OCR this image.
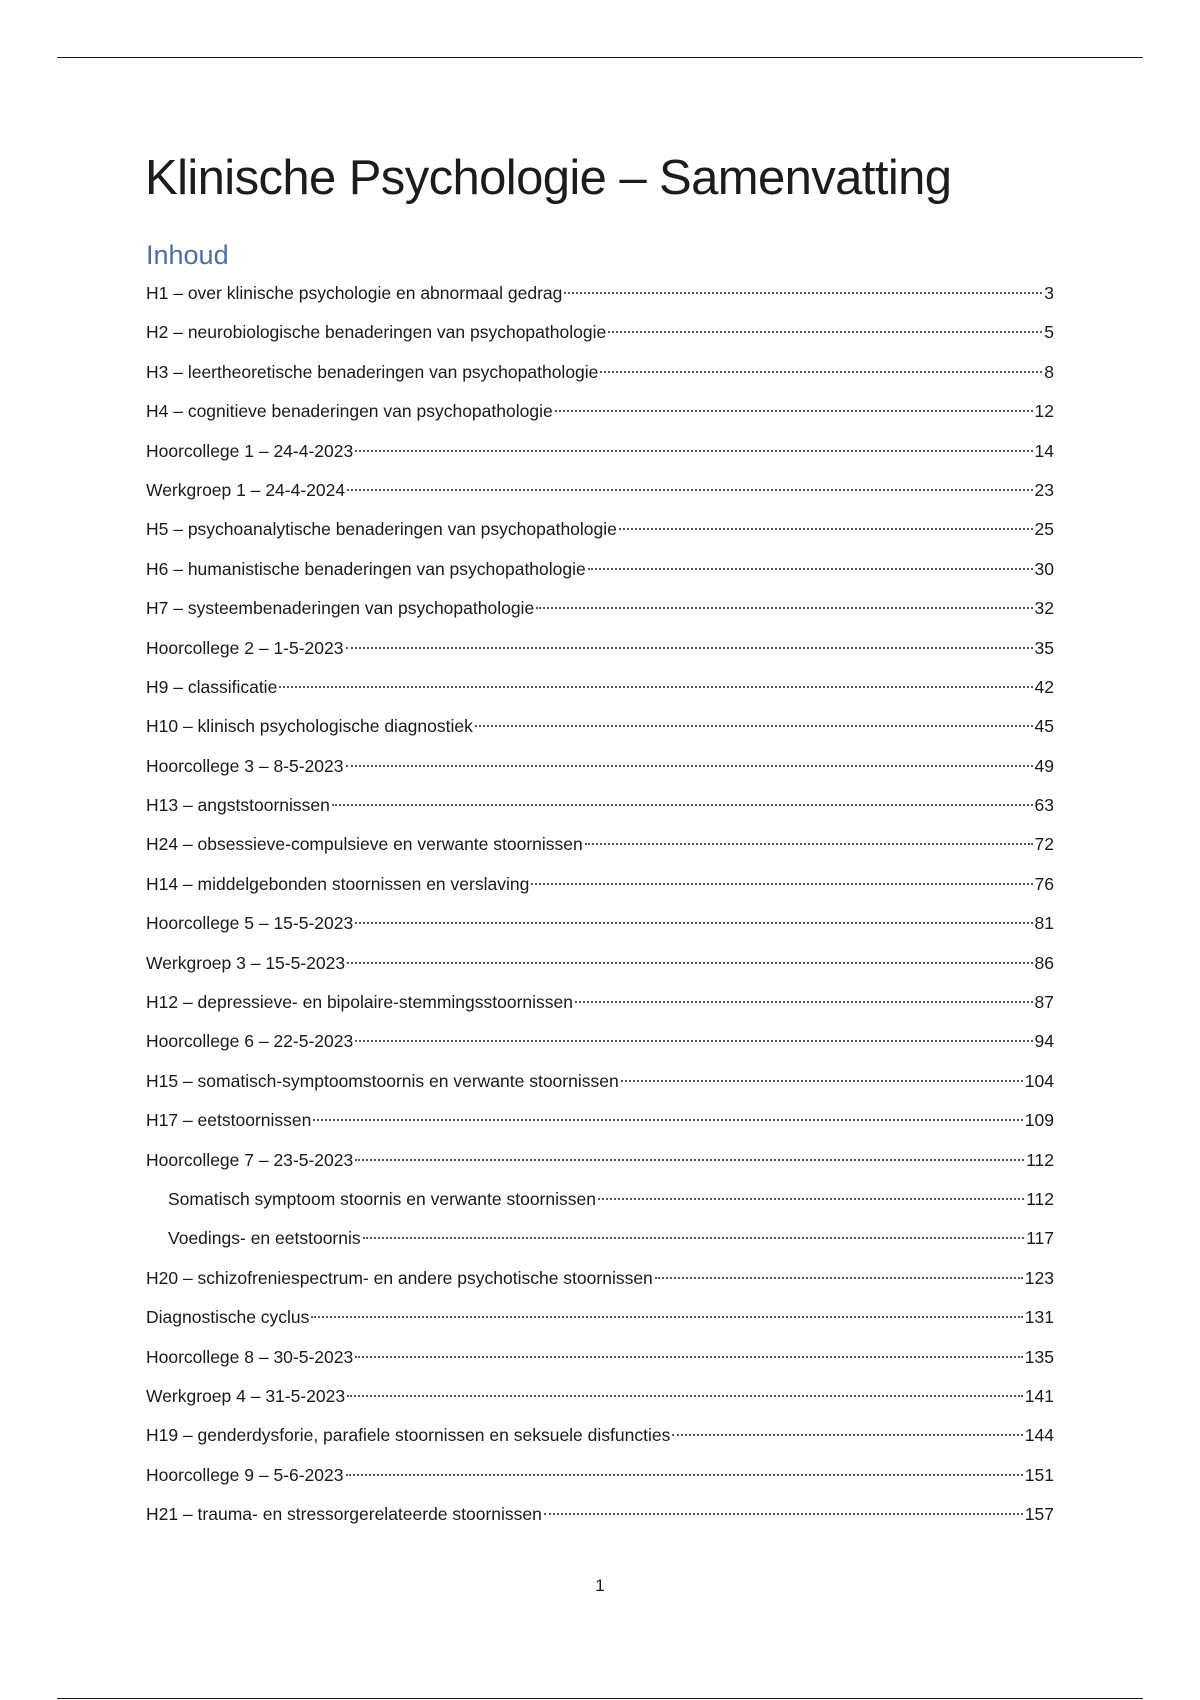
Klinische Psychologie – Samenvatting
Inhoud
H1 – over klinische psychologie en abnormaal gedrag	3
H2 – neurobiologische benaderingen van psychopathologie	5
H3 – leertheoretische benaderingen van psychopathologie	8
H4 – cognitieve benaderingen van psychopathologie	12
Hoorcollege 1 – 24-4-2023	14
Werkgroep 1 – 24-4-2024	23
H5 – psychoanalytische benaderingen van psychopathologie	25
H6 – humanistische benaderingen van psychopathologie	30
H7 – systeembenaderingen van psychopathologie	32
Hoorcollege 2 – 1-5-2023	35
H9 – classificatie	42
H10 – klinisch psychologische diagnostiek	45
Hoorcollege 3 – 8-5-2023	49
H13 – angststoornissen	63
H24 – obsessieve-compulsieve en verwante stoornissen	72
H14 – middelgebonden stoornissen en verslaving	76
Hoorcollege 5 – 15-5-2023	81
Werkgroep 3 – 15-5-2023	86
H12 – depressieve- en bipolaire-stemmingsstoornissen	87
Hoorcollege 6 – 22-5-2023	94
H15 – somatisch-symptoomstoornis en verwante stoornissen	104
H17 – eetstoornissen	109
Hoorcollege 7 – 23-5-2023	112
Somatisch symptoom stoornis en verwante stoornissen	112
Voedings- en eetstoornis	117
H20 – schizofreniespectrum- en andere psychotische stoornissen	123
Diagnostische cyclus	131
Hoorcollege 8 – 30-5-2023	135
Werkgroep 4 – 31-5-2023	141
H19 – genderdysforie, parafiele stoornissen en seksuele disfuncties	144
Hoorcollege 9 – 5-6-2023	151
H21 – trauma- en stressorgerelateerde stoornissen	157
1
